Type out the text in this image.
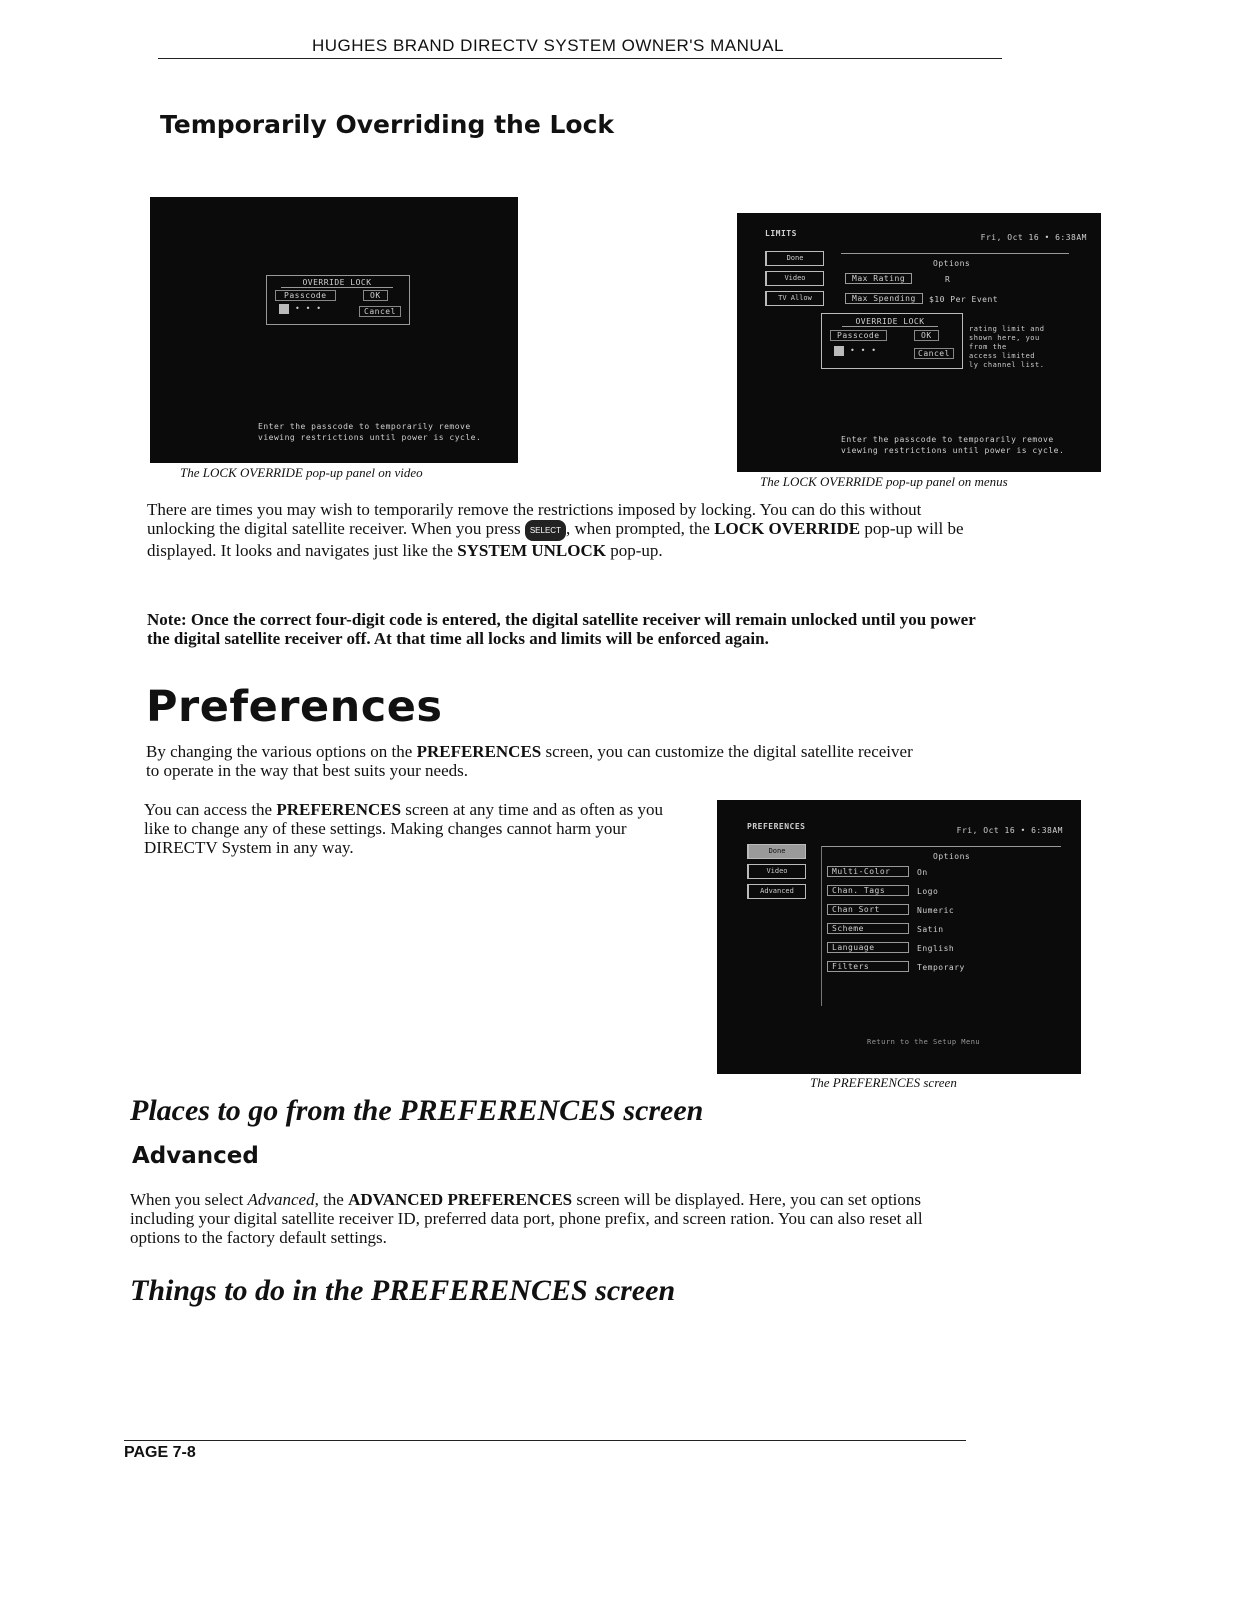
HUGHES BRAND DIRECTV SYSTEM OWNER'S MANUAL
Temporarily Overriding the Lock
OVERRIDE LOCK
Passcode	OK
• • •	Cancel
Enter the passcode to temporarily remove
viewing restrictions until power is cycle.
The LOCK OVERRIDE pop-up panel on video
LIMITS	Fri, Oct 16 • 6:38AM
Done
Video
TV Allow
Options
Max Rating	R
Max Spending	$10 Per Event
OVERRIDE LOCK
Passcode	OK
• • •	Cancel
rating limit and
shown here, you
from the
access limited
ly channel list.
Enter the passcode to temporarily remove
viewing restrictions until power is cycle.
The LOCK OVERRIDE pop-up panel on menus

There are times you may wish to temporarily remove the restrictions imposed by locking. You can do this without unlocking the digital satellite receiver. When you press SELECT , when prompted, the LOCK OVERRIDE pop-up will be displayed. It looks and navigates just like the SYSTEM UNLOCK pop-up.

Note: Once the correct four-digit code is entered, the digital satellite receiver will remain unlocked until you power the digital satellite receiver off. At that time all locks and limits will be enforced again.

Preferences

By changing the various options on the PREFERENCES screen, you can customize the digital satellite receiver to operate in the way that best suits your needs.

You can access the PREFERENCES screen at any time and as often as you like to change any of these settings. Making changes cannot harm your DIRECTV System in any way.

PREFERENCES	Fri, Oct 16 • 6:38AM
Done
Video
Advanced
Options
Multi-Color	On
Chan. Tags	Logo
Chan Sort	Numeric
Scheme	Satin
Language	English
Filters	Temporary
Return to the Setup Menu
The PREFERENCES screen
Places to go from the PREFERENCES screen
Advanced

When you select Advanced, the ADVANCED PREFERENCES screen will be displayed. Here, you can set options including your digital satellite receiver ID, preferred data port, phone prefix, and screen ration. You can also reset all options to the factory default settings.

Things to do in the PREFERENCES screen
PAGE 7-8
